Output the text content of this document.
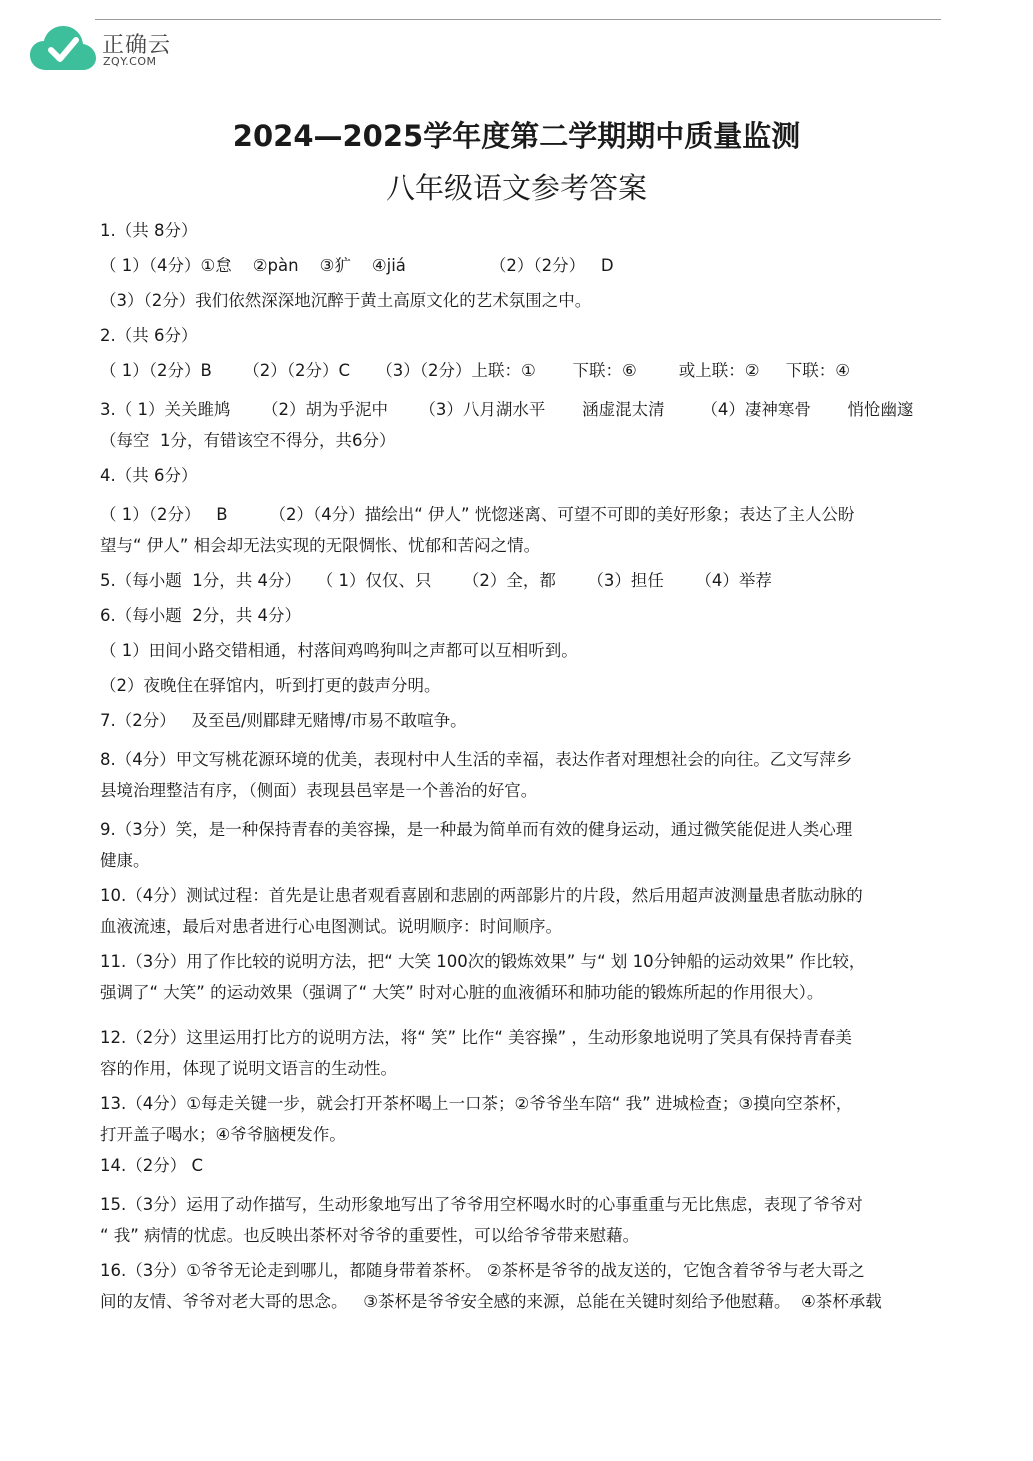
正确云
ZQY.COM
2024—2025学年度第二学期期中质量监测
八年级语文参考答案
1.（共 8分）
（ 1）（4分）①怠    ②pàn    ③犷    ④jiá                （2）（2分）   D
（3）（2分）我们依然深深地沉醉于黄土高原文化的艺术氛围之中。
2.（共 6分）
（ 1）（2分）B      （2）（2分）C     （3）（2分）上联：①       下联：⑥        或上联：②     下联：④
3.（ 1）关关雎鸠      （2）胡为乎泥中      （3）八月湖水平       涵虚混太清       （4）凄神寒骨       悄怆幽邃
（每空  1分，有错该空不得分，共6分）
4.（共 6分）
（ 1）（2分）   B        （2）（4分）描绘出“ 伊人” 恍惚迷离、可望不可即的美好形象；表达了主人公盼
望与“ 伊人” 相会却无法实现的无限惆怅、忧郁和苦闷之情。
5.（每小题  1分，共 4分）   （ 1）仅仅、只      （2）全，都      （3）担任      （4）举荐
6.（每小题  2分，共 4分）
（ 1）田间小路交错相通，村落间鸡鸣狗叫之声都可以互相听到。
（2）夜晚住在驿馆内，听到打更的鼓声分明。
7.（2分）   及至邑/则郿肆无赌博/市易不敢喧争。
8.（4分）甲文写桃花源环境的优美，表现村中人生活的幸福，表达作者对理想社会的向往。乙文写萍乡
县境治理整洁有序，（侧面）表现县邑宰是一个善治的好官。
9.（3分）笑，是一种保持青春的美容操，是一种最为简单而有效的健身运动，通过微笑能促进人类心理
健康。
10.（4分）测试过程：首先是让患者观看喜剧和悲剧的两部影片的片段，然后用超声波测量患者肱动脉的
血液流速，最后对患者进行心电图测试。说明顺序：时间顺序。
11.（3分）用了作比较的说明方法，把“ 大笑 100次的锻炼效果” 与“ 划 10分钟船的运动效果” 作比较，
强调了“ 大笑” 的运动效果（强调了“ 大笑” 时对心脏的血液循环和肺功能的锻炼所起的作用很大）。
12.（2分）这里运用打比方的说明方法，将“ 笑” 比作“ 美容操” ，生动形象地说明了笑具有保持青春美
容的作用，体现了说明文语言的生动性。
13.（4分）①每走关键一步，就会打开茶杯喝上一口茶；②爷爷坐车陪“ 我” 进城检查；③摸向空茶杯，
打开盖子喝水；④爷爷脑梗发作。
14.（2分） C
15.（3分）运用了动作描写，生动形象地写出了爷爷用空杯喝水时的心事重重与无比焦虑，表现了爷爷对
“ 我” 病情的忧虑。也反映出茶杯对爷爷的重要性，可以给爷爷带来慰藉。
16.（3分）①爷爷无论走到哪儿，都随身带着茶杯。 ②茶杯是爷爷的战友送的，它饱含着爷爷与老大哥之
间的友情、爷爷对老大哥的思念。   ③茶杯是爷爷安全感的来源，总能在关键时刻给予他慰藉。  ④茶杯承载
